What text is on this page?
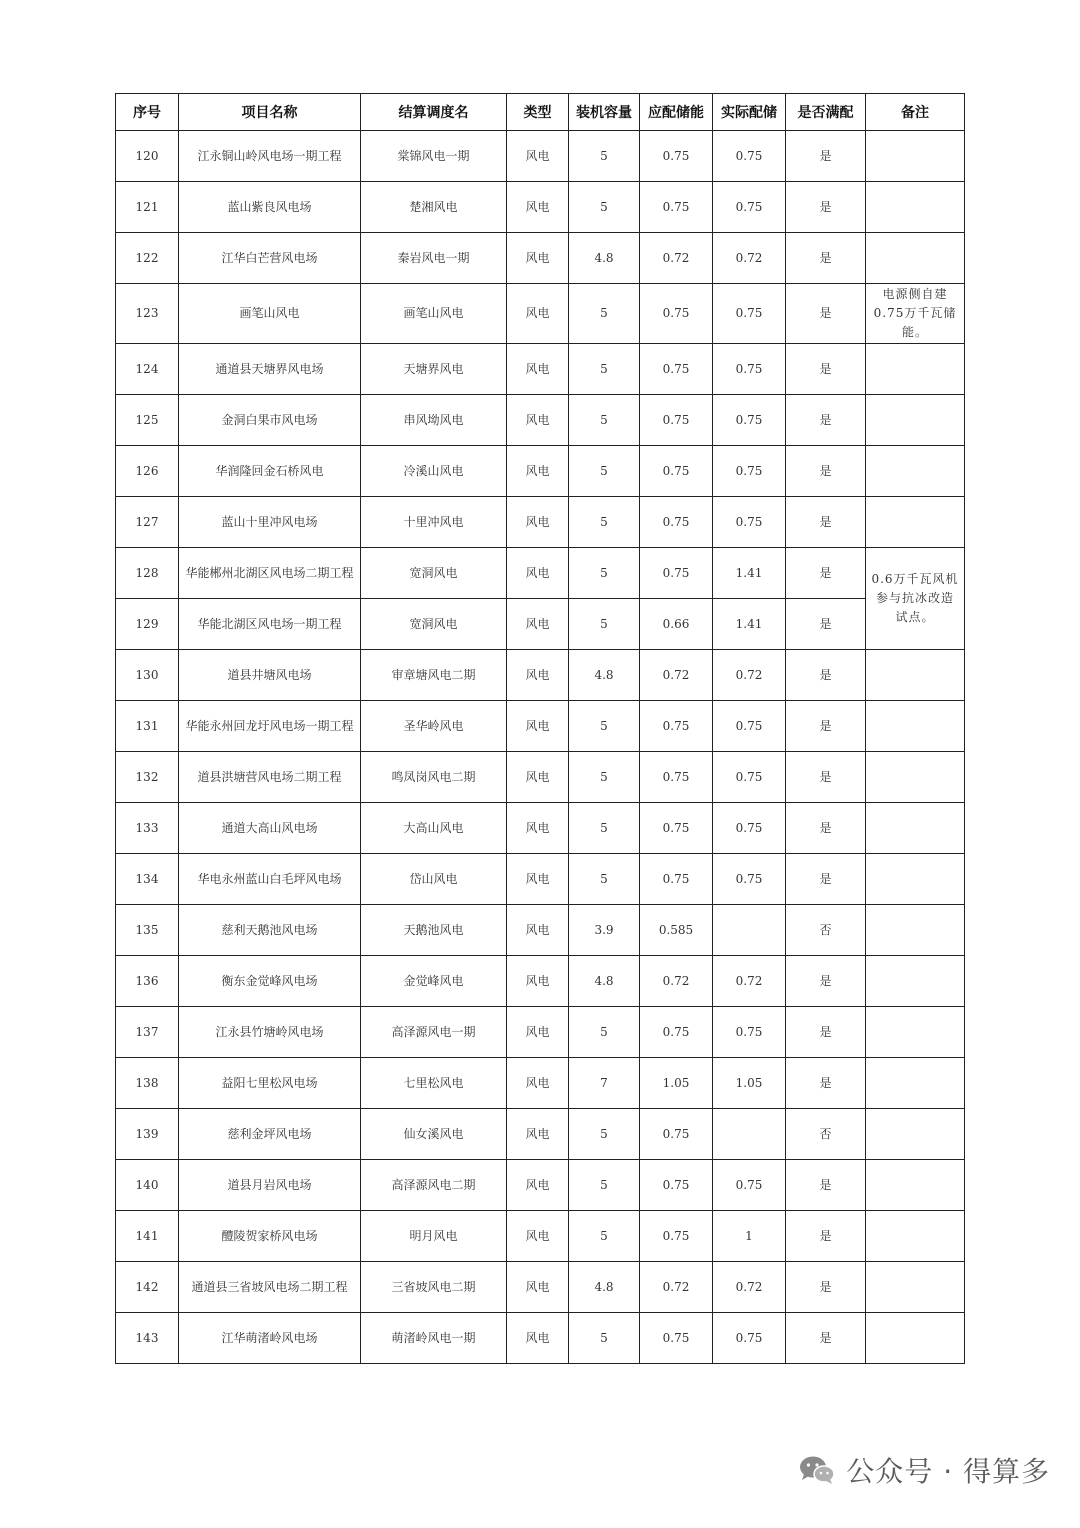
序号	项目名称	结算调度名	类型	装机容量	应配储能	实际配储	是否满配	备注
120	江永铜山岭风电场一期工程	棠锦风电一期	风电	5	0.75	0.75	是	
121	蓝山紫良风电场	楚湘风电	风电	5	0.75	0.75	是	
122	江华白芒营风电场	秦岩风电一期	风电	4.8	0.72	0.72	是	
123	画笔山风电	画笔山风电	风电	5	0.75	0.75	是	电源侧自建0.75万千瓦储能。
124	通道县天塘界风电场	天塘界风电	风电	5	0.75	0.75	是	
125	金洞白果市风电场	串风坳风电	风电	5	0.75	0.75	是	
126	华润隆回金石桥风电	冷溪山风电	风电	5	0.75	0.75	是	
127	蓝山十里冲风电场	十里冲风电	风电	5	0.75	0.75	是	
128	华能郴州北湖区风电场二期工程	宽洞风电	风电	5	0.75	1.41	是	0.6万千瓦风机参与抗冰改造试点。
129	华能北湖区风电场一期工程	宽洞风电	风电	5	0.66	1.41	是	
130	道县井塘风电场	审章塘风电二期	风电	4.8	0.72	0.72	是	
131	华能永州回龙圩风电场一期工程	圣华岭风电	风电	5	0.75	0.75	是	
132	道县洪塘营风电场二期工程	鸣凤岗风电二期	风电	5	0.75	0.75	是	
133	通道大高山风电场	大高山风电	风电	5	0.75	0.75	是	
134	华电永州蓝山白毛坪风电场	岱山风电	风电	5	0.75	0.75	是	
135	慈利天鹅池风电场	天鹅池风电	风电	3.9	0.585		否	
136	衡东金觉峰风电场	金觉峰风电	风电	4.8	0.72	0.72	是	
137	江永县竹塘岭风电场	高泽源风电一期	风电	5	0.75	0.75	是	
138	益阳七里松风电场	七里松风电	风电	7	1.05	1.05	是	
139	慈利金坪风电场	仙女溪风电	风电	5	0.75		否	
140	道县月岩风电场	高泽源风电二期	风电	5	0.75	0.75	是	
141	醴陵贺家桥风电场	明月风电	风电	5	0.75	1	是	
142	通道县三省坡风电场二期工程	三省坡风电二期	风电	4.8	0.72	0.72	是	
143	江华萌渚岭风电场	萌渚岭风电一期	风电	5	0.75	0.75	是	
公众号 · 得算多
